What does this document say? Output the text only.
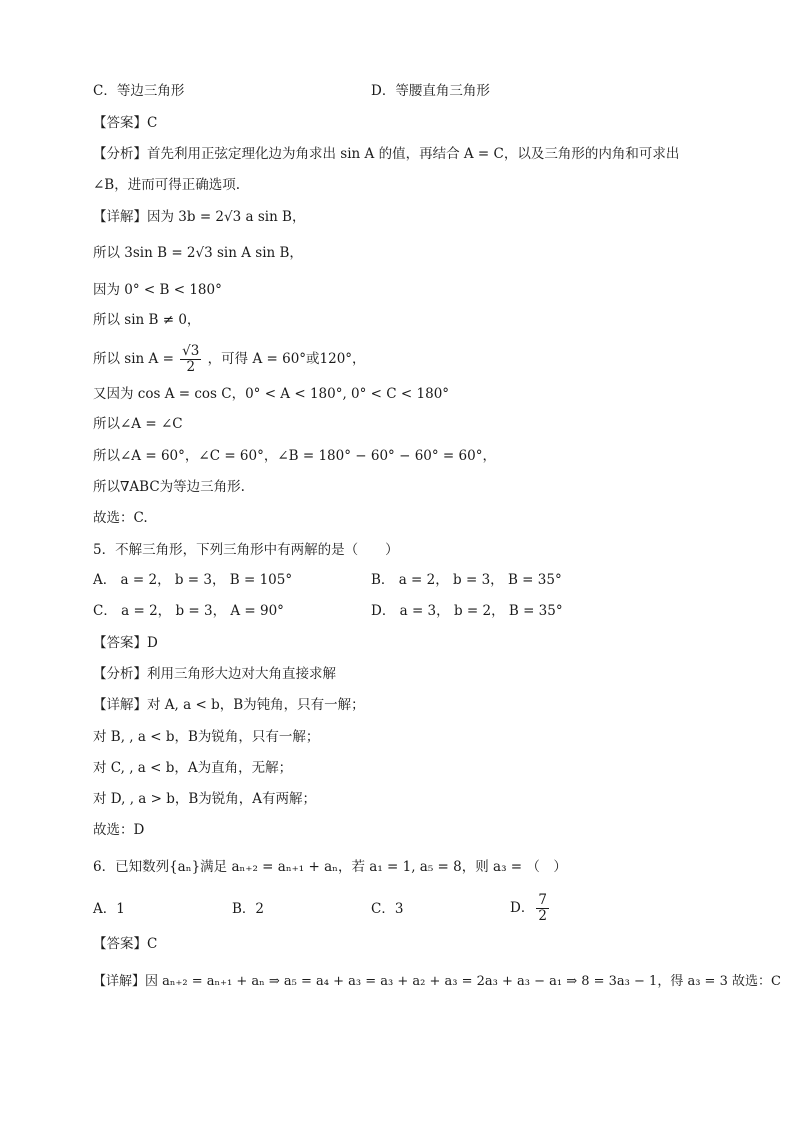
C．等边三角形	D．等腰直角三角形
【答案】C
【分析】首先利用正弦定理化边为角求出 sin A 的值，再结合 A = C，以及三角形的内角和可求出
∠B，进而可得正确选项.
【详解】因为 3b = 2√3 a sin B，
所以 3sin B = 2√3 sin A sin B，
因为 0° < B < 180°
所以 sin B ≠ 0，
所以 $\sin A = \frac{√3}{2}$ ，可得 A = 60°或120°，
又因为 cos A = cos C，0° < A < 180°, 0° < C < 180°
所以∠A = ∠C
所以∠A = 60°，∠C = 60°，∠B = 180° − 60° − 60° = 60°，
所以∇ABC为等边三角形.
故选：C.
5．不解三角形，下列三角形中有两解的是（　　）
A． a = 2， b = 3， B = 105°	B． a = 2， b = 3， B = 35°
C． a = 2， b = 3， A = 90°	D． a = 3， b = 2， B = 35°
【答案】D
【分析】利用三角形大边对大角直接求解
【详解】对 A, a < b，B为钝角，只有一解；
对 B, , a < b，B为锐角，只有一解；
对 C, , a < b，A为直角，无解；
对 D, , a > b，B为锐角，A有两解；
故选：D
6．已知数列{aₙ}满足 aₙ₊₂ = aₙ₊₁ + aₙ，若 a₁ = 1, a₅ = 8，则 a₃ = （　）
A．1	B．2	C．3	D． $\frac{7}{2}$
【答案】C
【详解】因 aₙ₊₂ = aₙ₊₁ + aₙ ⇒ a₅ = a₄ + a₃ = a₃ + a₂ + a₃ = 2a₃ + a₃ − a₁ ⇒ 8 = 3a₃ − 1，得 a₃ = 3 故选：C
